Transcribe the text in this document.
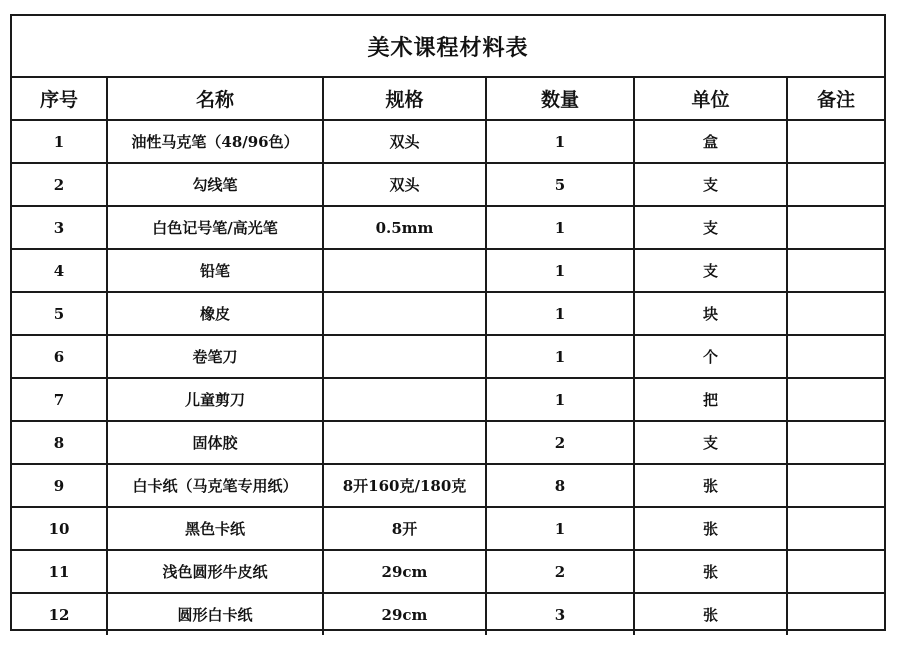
美术课程材料表
序号	名称	规格	数量	单位	备注
1	油性马克笔（48/96色）	双头	1	盒	
2	勾线笔	双头	5	支	
3	白色记号笔/高光笔	0.5mm	1	支	
4	铅笔		1	支	
5	橡皮		1	块	
6	卷笔刀		1	个	
7	儿童剪刀		1	把	
8	固体胶		2	支	
9	白卡纸（马克笔专用纸）	8开160克/180克	8	张	
10	黑色卡纸	8开	1	张	
11	浅色圆形牛皮纸	29cm	2	张	
12	圆形白卡纸	29cm	3	张	
